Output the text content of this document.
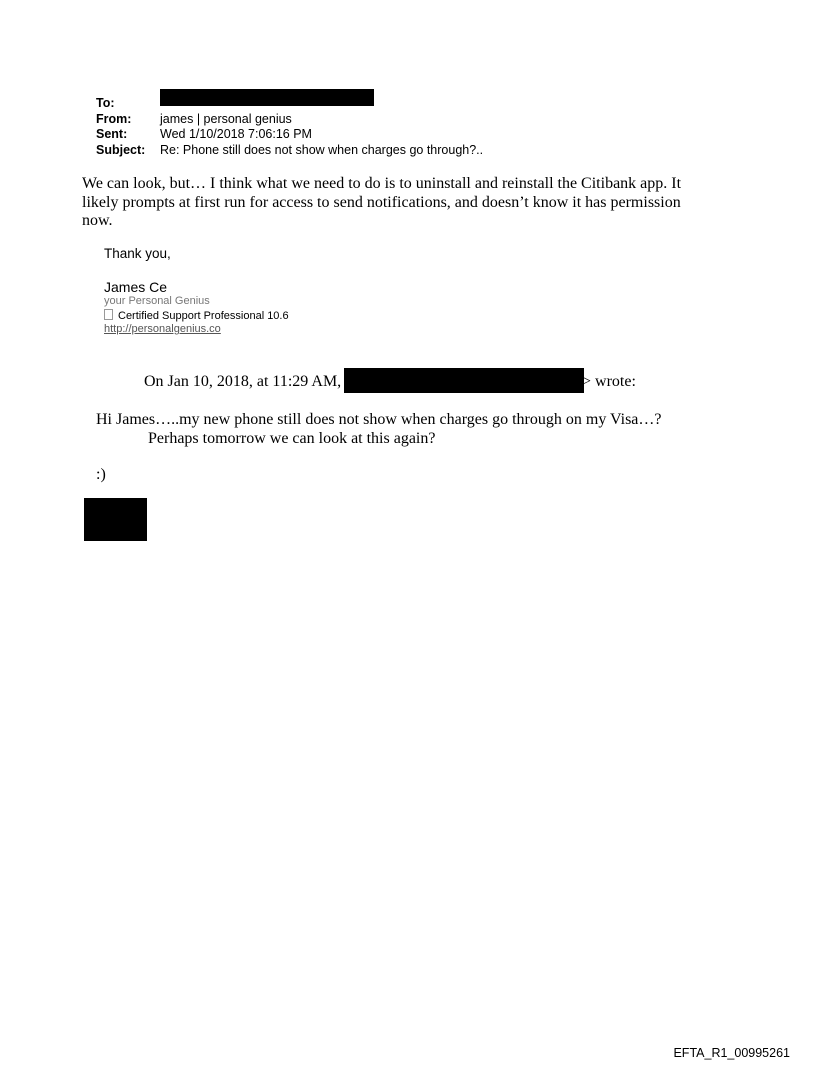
To:
From:	james | personal genius
Sent:	Wed 1/10/2018 7:06:16 PM
Subject:	Re: Phone still does not show when charges go through?..
We can look, but… I think what we need to do is to uninstall and reinstall the Citibank app. It likely prompts at first run for access to send notifications, and doesn’t know it has permission now.
Thank you,
James Ce
your Personal Genius
Certified Support Professional 10.6
http://personalgenius.co
On Jan 10, 2018, at 11:29 AM,	> wrote:
Hi James…..my new phone still does not show when charges go through on my Visa…?
Perhaps tomorrow we can look at this again?
:)
EFTA_R1_00995261
